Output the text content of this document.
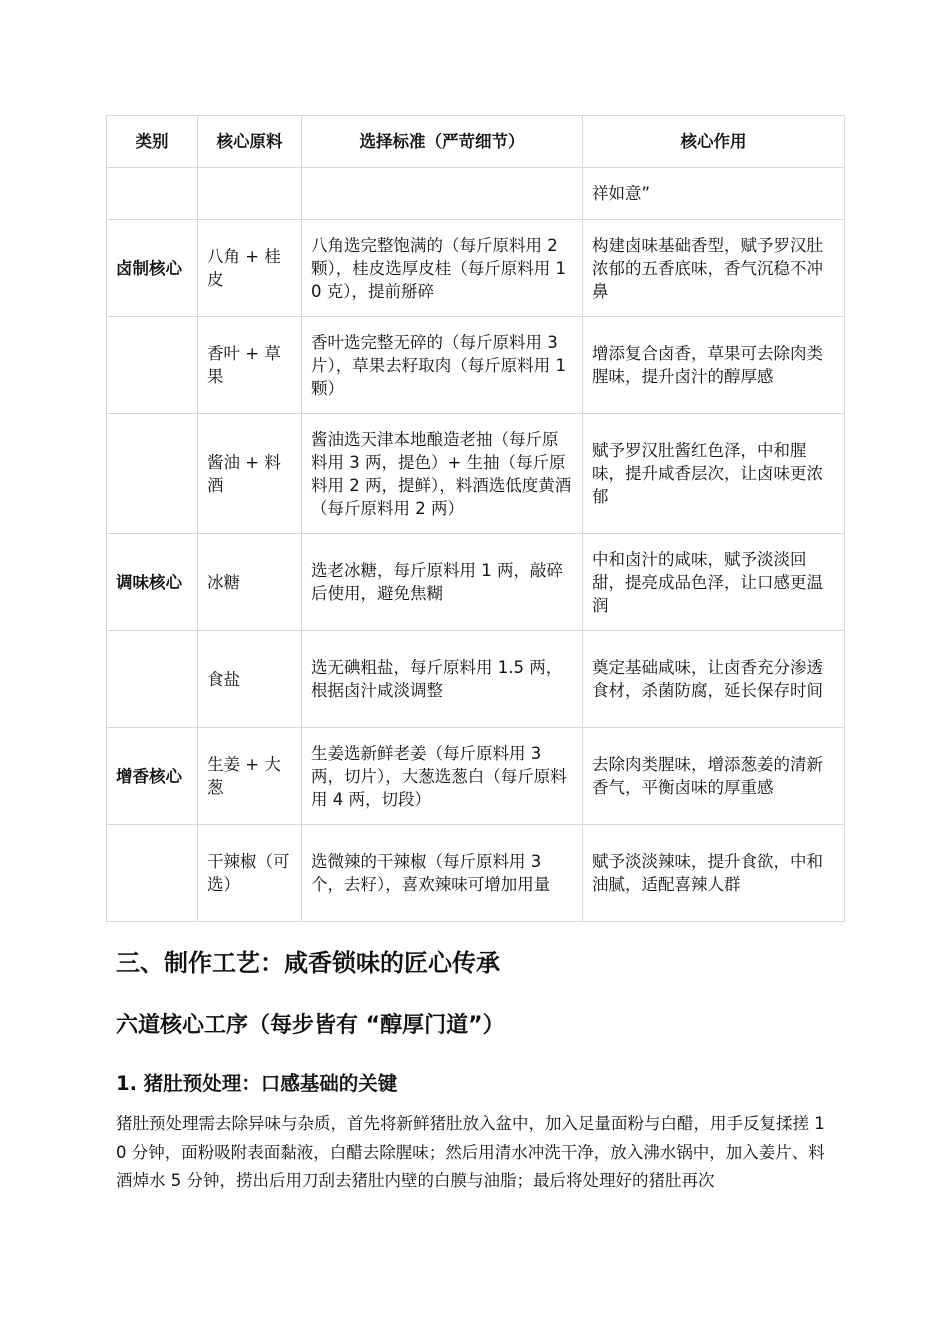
类别	核心原料	选择标准（严苛细节）	核心作用
			祥如意”
卤制核心	八角 + 桂皮	八角选完整饱满的（每斤原料用 2 颗），桂皮选厚皮桂（每斤原料用 10 克），提前掰碎	构建卤味基础香型，赋予罗汉肚浓郁的五香底味，香气沉稳不冲鼻
	香叶 + 草果	香叶选完整无碎的（每斤原料用 3 片），草果去籽取肉（每斤原料用 1 颗）	增添复合卤香，草果可去除肉类腥味，提升卤汁的醇厚感
	酱油 + 料酒	酱油选天津本地酿造老抽（每斤原料用 3 两，提色）+ 生抽（每斤原料用 2 两，提鲜），料酒选低度黄酒（每斤原料用 2 两）	赋予罗汉肚酱红色泽，中和腥味，提升咸香层次，让卤味更浓郁
调味核心	冰糖	选老冰糖，每斤原料用 1 两，敲碎后使用，避免焦糊	中和卤汁的咸味，赋予淡淡回甜，提亮成品色泽，让口感更温润
	食盐	选无碘粗盐，每斤原料用 1.5 两，根据卤汁咸淡调整	奠定基础咸味，让卤香充分渗透食材，杀菌防腐，延长保存时间
增香核心	生姜 + 大葱	生姜选新鲜老姜（每斤原料用 3 两，切片），大葱选葱白（每斤原料用 4 两，切段）	去除肉类腥味，增添葱姜的清新香气，平衡卤味的厚重感
	干辣椒（可选）	选微辣的干辣椒（每斤原料用 3 个，去籽），喜欢辣味可增加用量	赋予淡淡辣味，提升食欲，中和油腻，适配喜辣人群
三、制作工艺：咸香锁味的匠心传承
六道核心工序（每步皆有 “醇厚门道”）
1. 猪肚预处理：口感基础的关键

猪肚预处理需去除异味与杂质，首先将新鲜猪肚放入盆中，加入足量面粉与白醋，用手反复揉搓 10 分钟，面粉吸附表面黏液，白醋去除腥味；然后用清水冲洗干净，放入沸水锅中，加入姜片、料酒焯水 5 分钟，捞出后用刀刮去猪肚内壁的白膜与油脂；最后将处理好的猪肚再次
